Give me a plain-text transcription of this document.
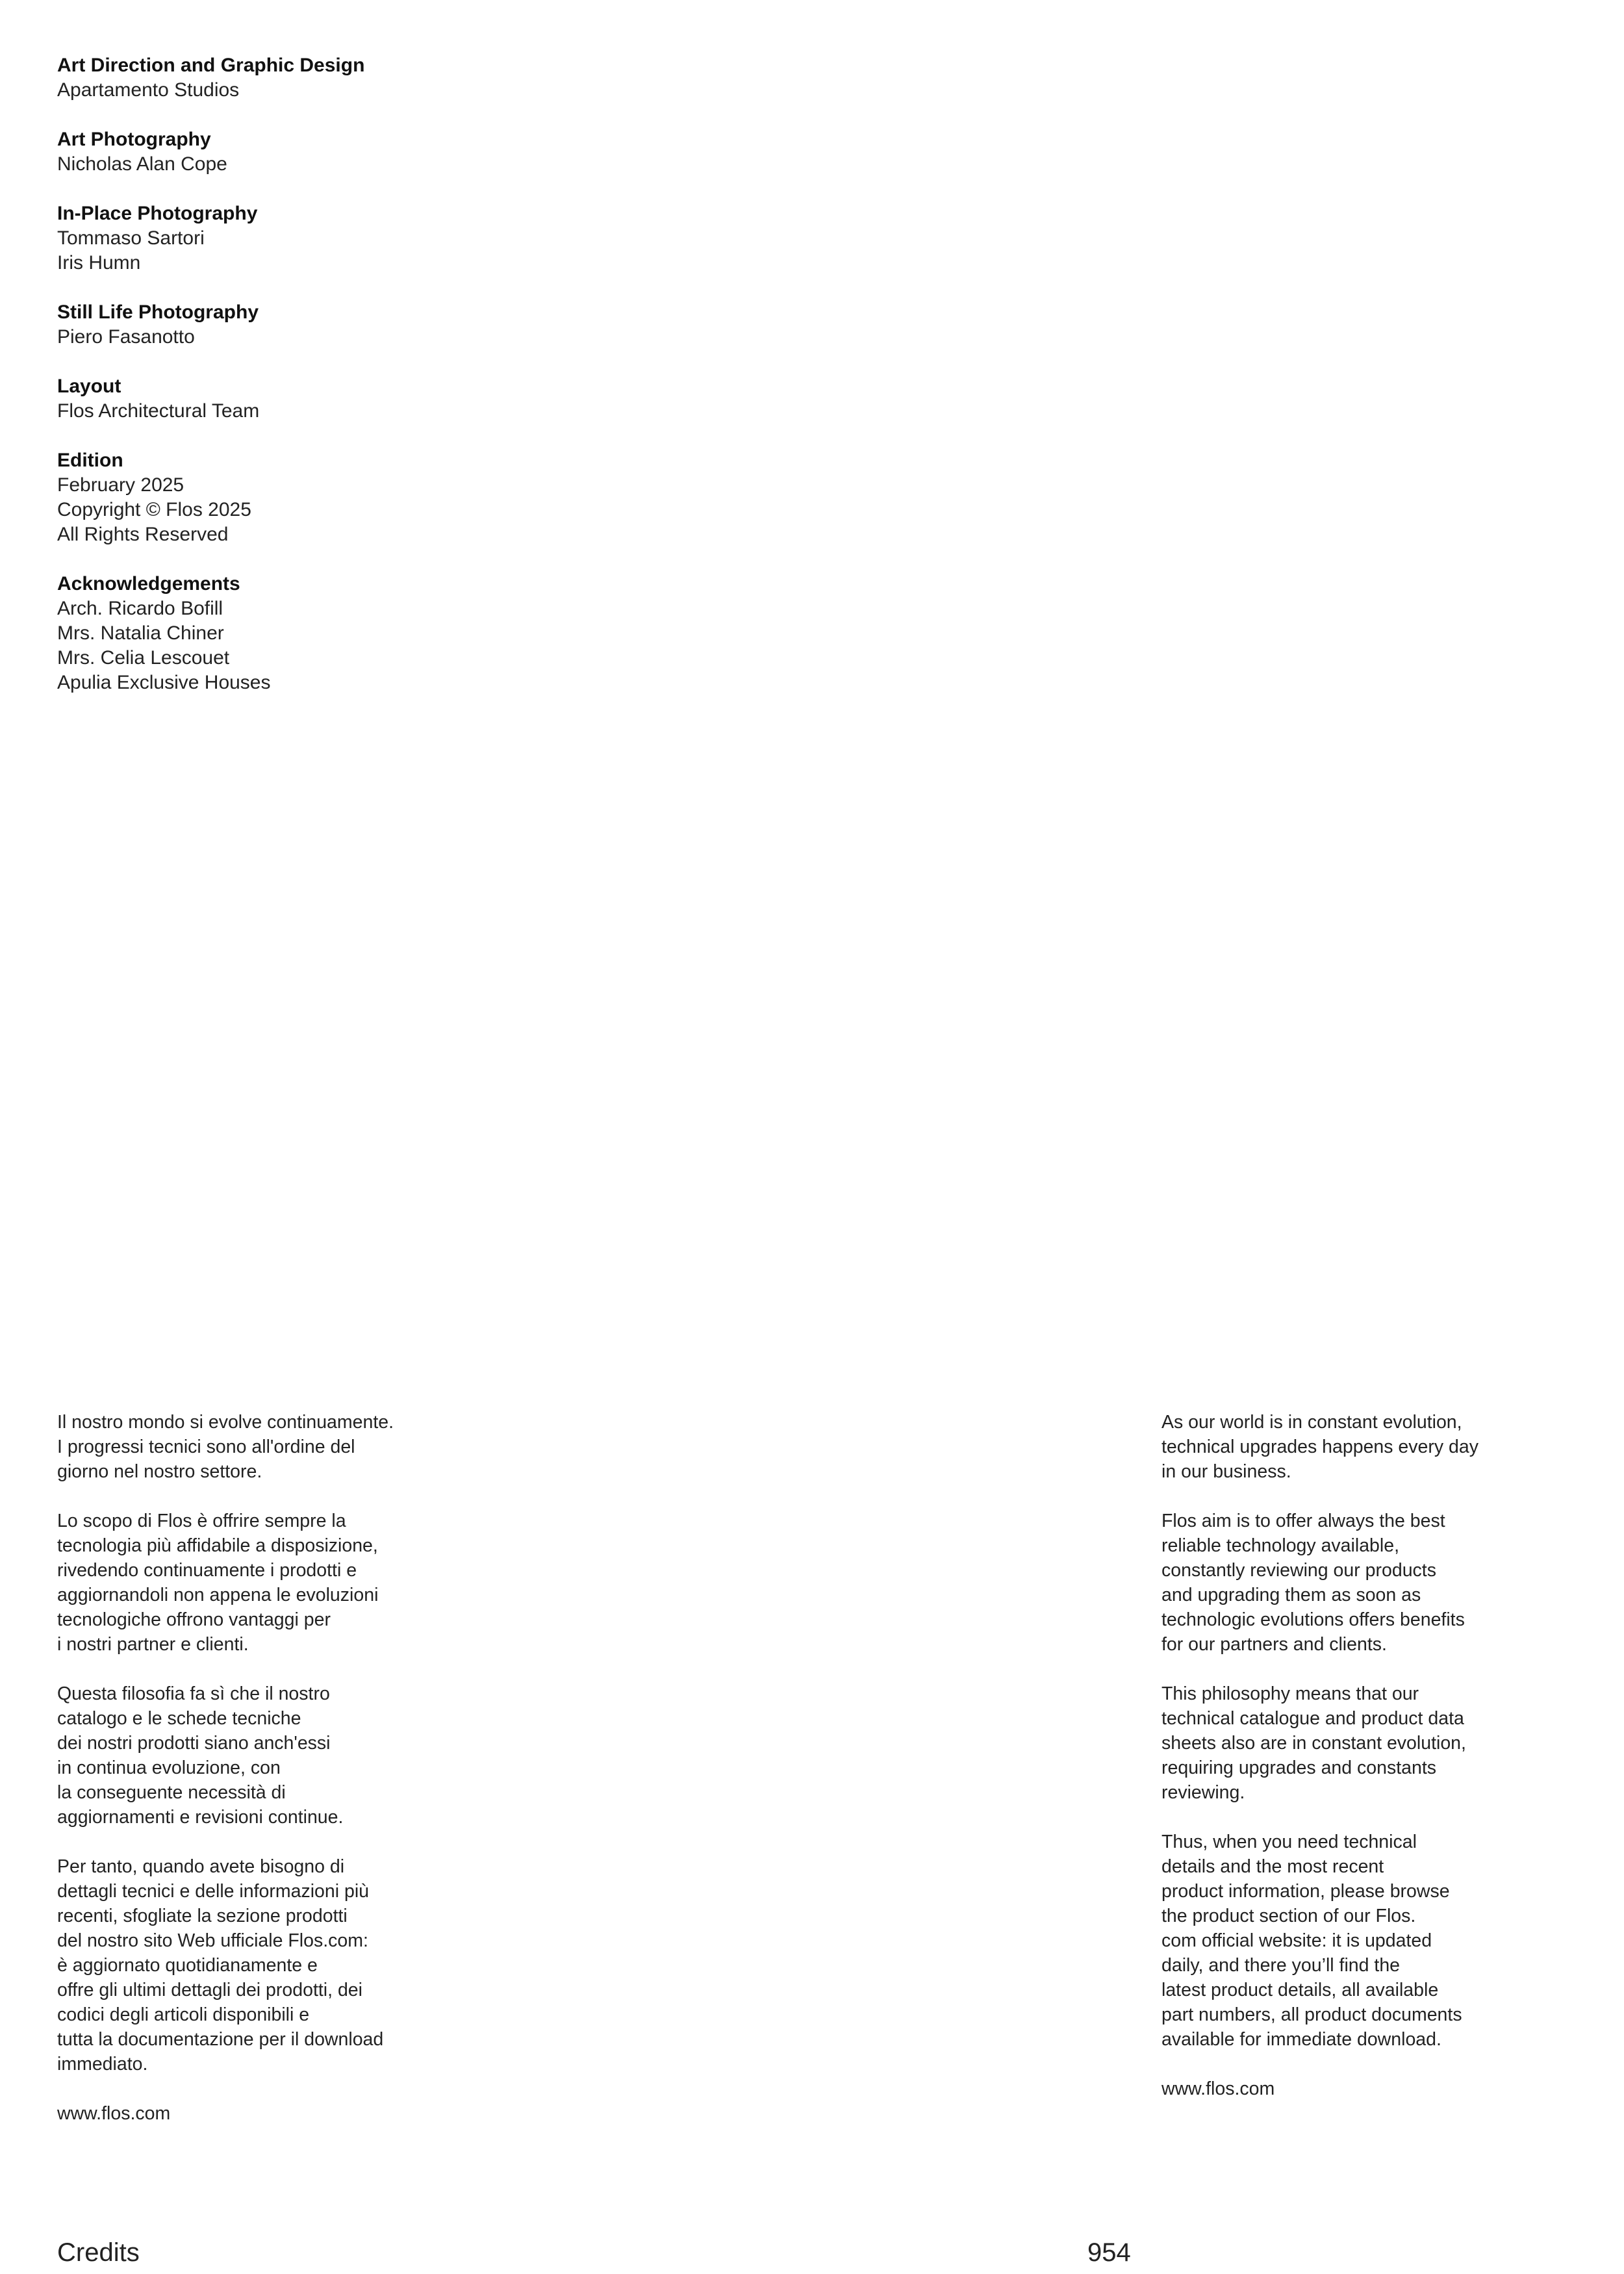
Art Direction and Graphic Design

Apartamento Studios

Art Photography

Nicholas Alan Cope

In-Place Photography

Tommaso Sartori

Iris Humn

Still Life Photography

Piero Fasanotto

Layout

Flos Architectural Team

Edition

February 2025

Copyright © Flos 2025

All Rights Reserved

Acknowledgements

Arch. Ricardo Bofill

Mrs. Natalia Chiner

Mrs. Celia Lescouet

Apulia Exclusive Houses

Il nostro mondo si evolve continuamente.
I progressi tecnici sono all'ordine del
giorno nel nostro settore.
Lo scopo di Flos è offrire sempre la
tecnologia più affidabile a disposizione,
rivedendo continuamente i prodotti e
aggiornandoli non appena le evoluzioni
tecnologiche offrono vantaggi per
i nostri partner e clienti.
Questa filosofia fa sì che il nostro
catalogo e le schede tecniche
dei nostri prodotti siano anch'essi
in continua evoluzione, con
la conseguente necessità di
aggiornamenti e revisioni continue.
Per tanto, quando avete bisogno di
dettagli tecnici e delle informazioni più
recenti, sfogliate la sezione prodotti
del nostro sito Web ufficiale Flos.com:
è aggiornato quotidianamente e
offre gli ultimi dettagli dei prodotti, dei
codici degli articoli disponibili e
tutta la documentazione per il download
immediato.
www.flos.com
As our world is in constant evolution,
technical upgrades happens every day
in our business.
Flos aim is to offer always the best
reliable technology available,
constantly reviewing our products
and upgrading them as soon as
technologic evolutions offers benefits
for our partners and clients.
This philosophy means that our
technical catalogue and product data
sheets also are in constant evolution,
requiring upgrades and constants
reviewing.
Thus, when you need technical
details and the most recent
product information, please browse
the product section of our Flos.
com official website: it is updated
daily, and there you’ll find the
latest product details, all available
part numbers, all product documents
available for immediate download.
www.flos.com
Credits	954
